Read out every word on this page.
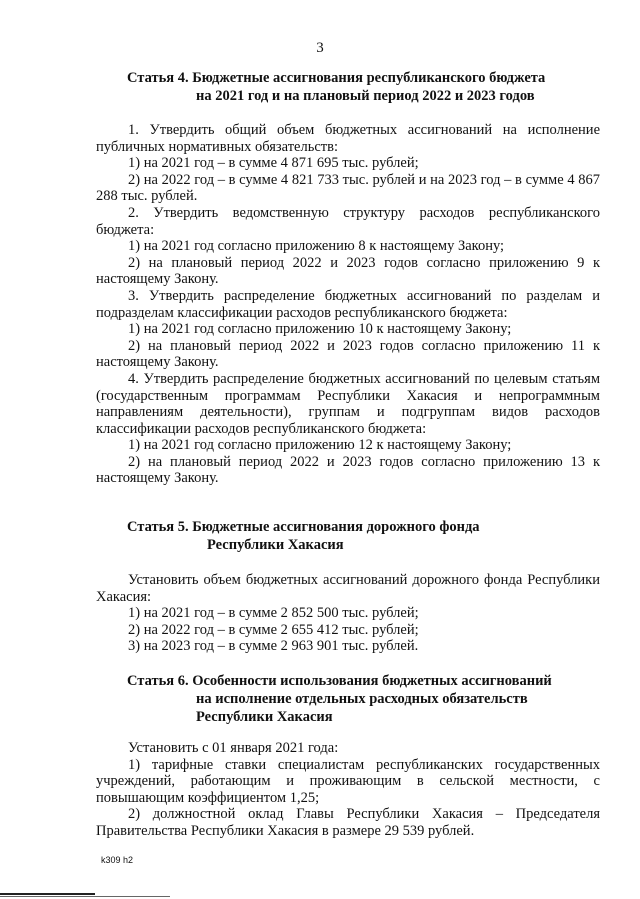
3
Статья 4. Бюджетные ассигнования республиканского бюджета
на 2021 год и на плановый период 2022 и 2023 годов

1. Утвердить общий объем бюджетных ассигнований на исполнение публичных нормативных обязательств:

1) на 2021 год – в сумме 4 871 695 тыс. рублей;

2) на 2022 год – в сумме 4 821 733 тыс. рублей и на 2023 год – в сумме 4 867 288 тыс. рублей.

2. Утвердить ведомственную структуру расходов республиканского бюджета:

1) на 2021 год согласно приложению 8 к настоящему Закону;

2) на плановый период 2022 и 2023 годов согласно приложению 9 к настоящему Закону.

3. Утвердить распределение бюджетных ассигнований по разделам и подразделам классификации расходов республиканского бюджета:

1) на 2021 год согласно приложению 10 к настоящему Закону;

2) на плановый период 2022 и 2023 годов согласно приложению 11 к настоящему Закону.

4. Утвердить распределение бюджетных ассигнований по целевым статьям (государственным программам Республики Хакасия и непрограммным направлениям деятельности), группам и подгруппам видов расходов классификации расходов республиканского бюджета:

1) на 2021 год согласно приложению 12 к настоящему Закону;

2) на плановый период 2022 и 2023 годов согласно приложению 13 к настоящему Закону.

Статья 5. Бюджетные ассигнования дорожного фонда
Республики Хакасия

Установить объем бюджетных ассигнований дорожного фонда Республики Хакасия:

1) на 2021 год – в сумме 2 852 500 тыс. рублей;

2) на 2022 год – в сумме 2 655 412 тыс. рублей;

3) на 2023 год – в сумме 2 963 901 тыс. рублей.

Статья 6. Особенности использования бюджетных ассигнований
на исполнение отдельных расходных обязательств
Республики Хакасия

Установить с 01 января 2021 года:

1) тарифные ставки специалистам республиканских государственных учреждений, работающим и проживающим в сельской местности, с повышающим коэффициентом 1,25;

2) должностной оклад Главы Республики Хакасия – Председателя Правительства Республики Хакасия в размере 29 539 рублей.

k309 h2
